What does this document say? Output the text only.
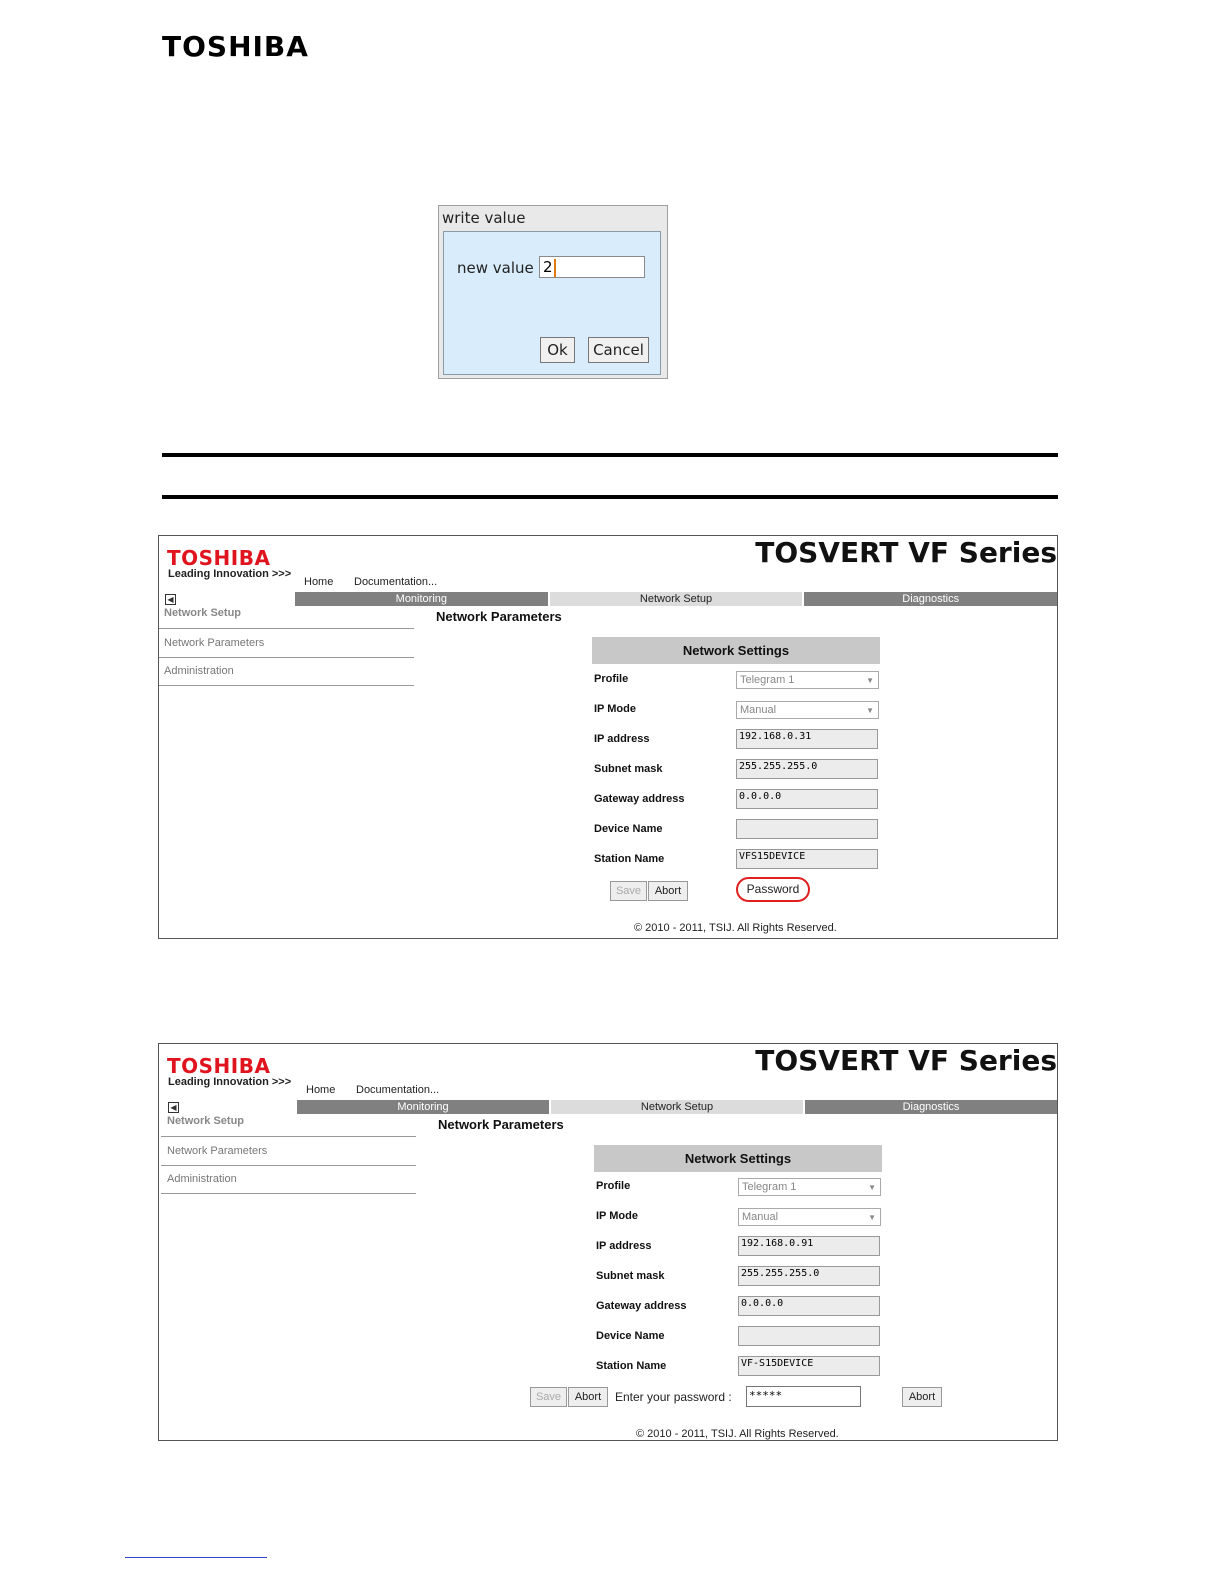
TOSHIBA
write value
new value 2
Ok	Cancel
TOSHIBA
Leading Innovation >>>
TOSVERT VF Series
Home Documentation...
◀	Monitoring	Network Setup	Diagnostics
Network Setup
Network Parameters
Administration
Network Parameters
Network Settings
Profile	Telegram 1	▼
IP Mode	Manual	▼
IP address	192.168.0.31
Subnet mask	255.255.255.0
Gateway address	0.0.0.0
Device Name
Station Name	VFS15DEVICE
Save	Abort	Password
© 2010 - 2011, TSIJ. All Rights Reserved.
TOSHIBA
Leading Innovation >>>
TOSVERT VF Series
Home Documentation...
◀	Monitoring	Network Setup	Diagnostics
Network Setup
Network Parameters
Administration
Network Parameters
Network Settings
Profile	Telegram 1	▼
IP Mode	Manual	▼
IP address	192.168.0.91
Subnet mask	255.255.255.0
Gateway address	0.0.0.0
Device Name
Station Name	VF-S15DEVICE
Save	Abort	Enter your password : *****	Abort
© 2010 - 2011, TSIJ. All Rights Reserved.
